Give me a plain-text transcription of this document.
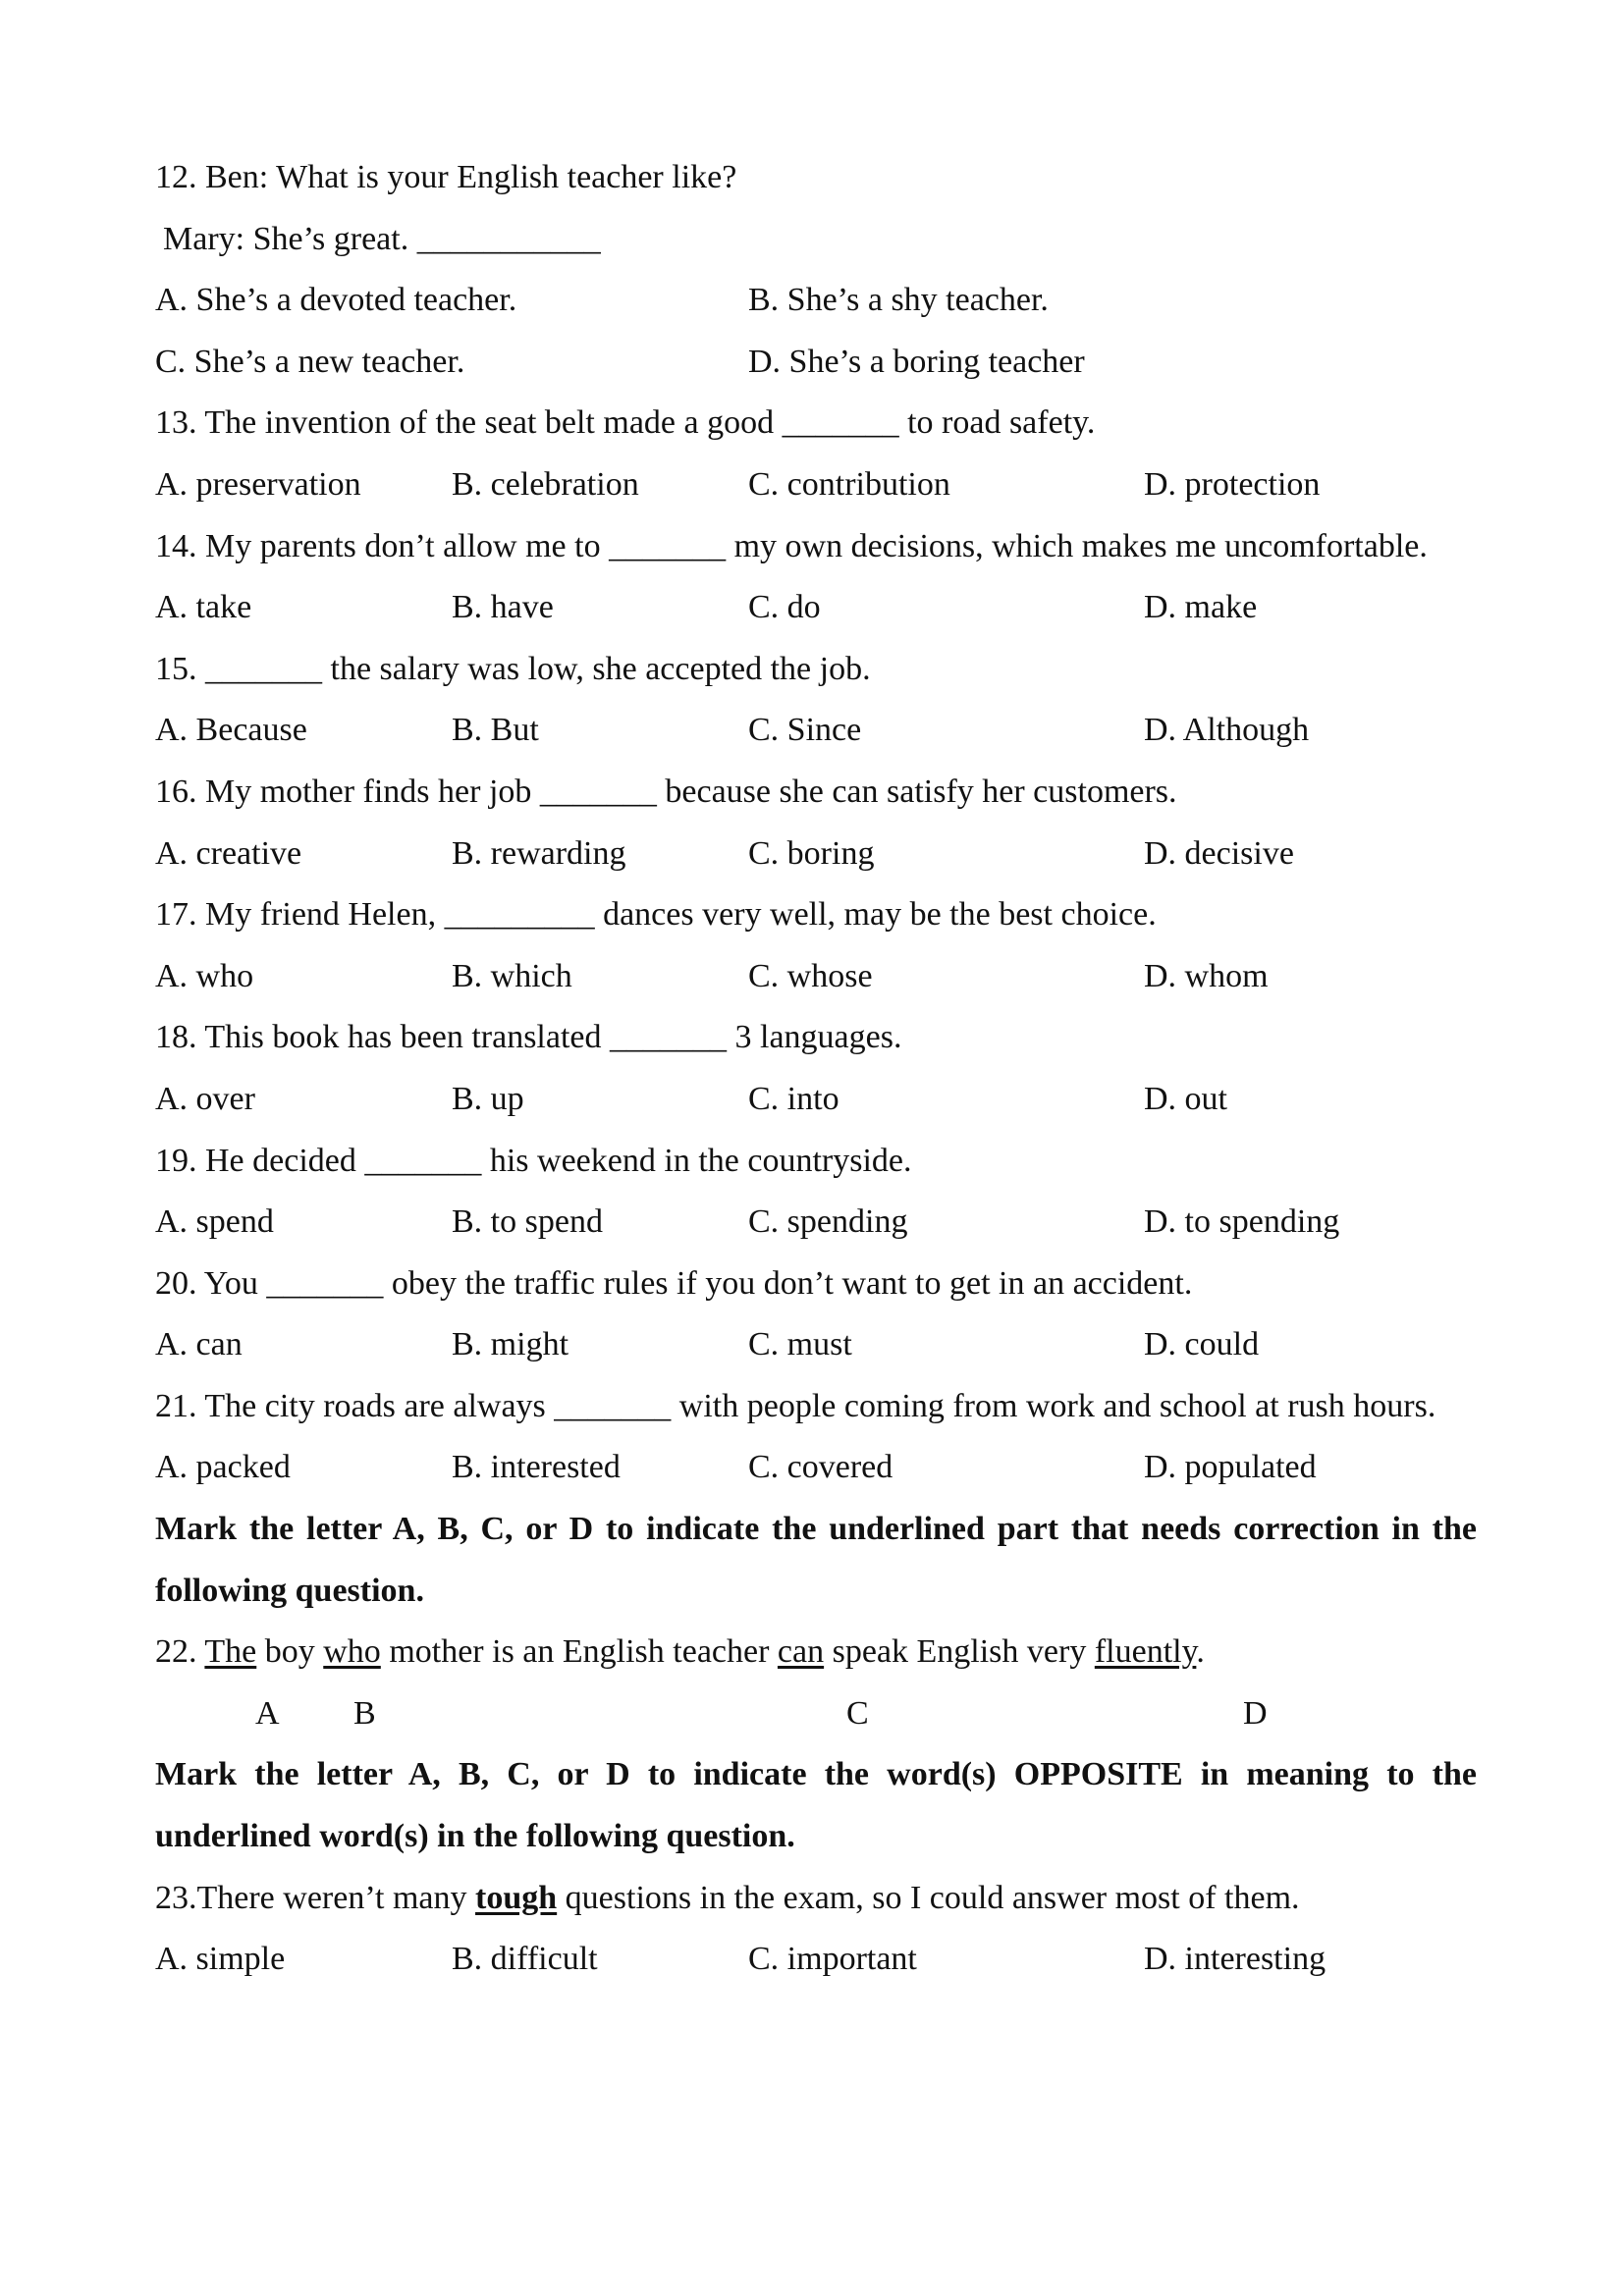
12. Ben: What is your English teacher like?
Mary: She’s great. ___________
A. She’s a devoted teacher.	B. She’s a shy teacher.
C. She’s a new teacher.	D. She’s a boring teacher
13. The invention of the seat belt made a good _______ to road safety.
A. preservation	B. celebration	C. contribution	D. protection
14. My parents don’t allow me to _______ my own decisions, which makes me uncomfortable.
A. take	B. have	C. do	D. make
15. _______ the salary was low, she accepted the job.
A. Because	B. But	C. Since	D. Although
16. My mother finds her job _______ because she can satisfy her customers.
A. creative	B. rewarding	C. boring	D. decisive
17. My friend Helen, _________ dances very well, may be the best choice.
A. who	B. which	C. whose	D. whom
18. This book has been translated _______ 3 languages.
A. over	B. up	C. into	D. out
19. He decided _______ his weekend in the countryside.
A. spend	B. to spend	C. spending	D. to spending
20. You _______ obey the traffic rules if you don’t want to get in an accident.
A. can	B. might	C. must	D. could
21. The city roads are always _______ with people coming from work and school at rush hours.
A. packed	B. interested	C. covered	D. populated
Mark the letter A, B, C, or D to indicate the underlined part that needs correction in the following question.
22. The boy who mother is an English teacher can speak English very fluently.
A B	C	D
Mark the letter A, B, C, or D to indicate the word(s) OPPOSITE in meaning to the underlined word(s) in the following question.
23.There weren’t many tough questions in the exam, so I could answer most of them.
A. simple	B. difficult	C. important	D. interesting
